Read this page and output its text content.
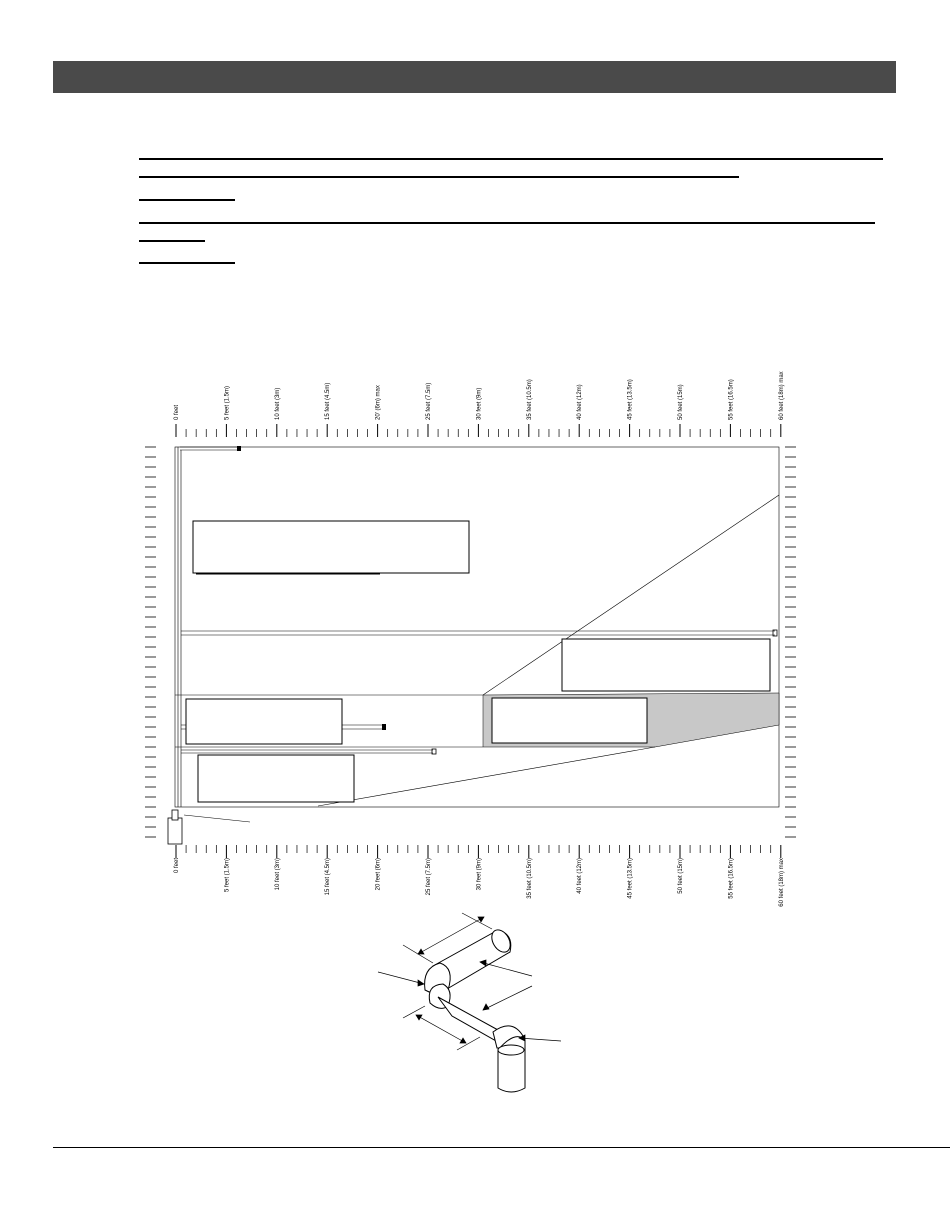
0 feet	5 feet (1.5m)	10 feet (3m)	15 feet (4.5m)	20' (6m) max	25 feet (7.5m)	30 feet (9m)	35 feet (10.5m)	40 feet (12m)	45 feet (13.5m)	50 feet (15m)	55 feet (16.5m)	60 feet (18m) max
0 feet	5 feet (1.5m)	10 feet (3m)	15 feet (4.5m)	20 feet (6m)	25 feet (7.5m)	30 feet (9m)	35 feet (10.5m)	40 feet (12m)	45 feet (13.5m)	50 feet (15m)	55 feet (16.5m)	60 feet (18m) max
